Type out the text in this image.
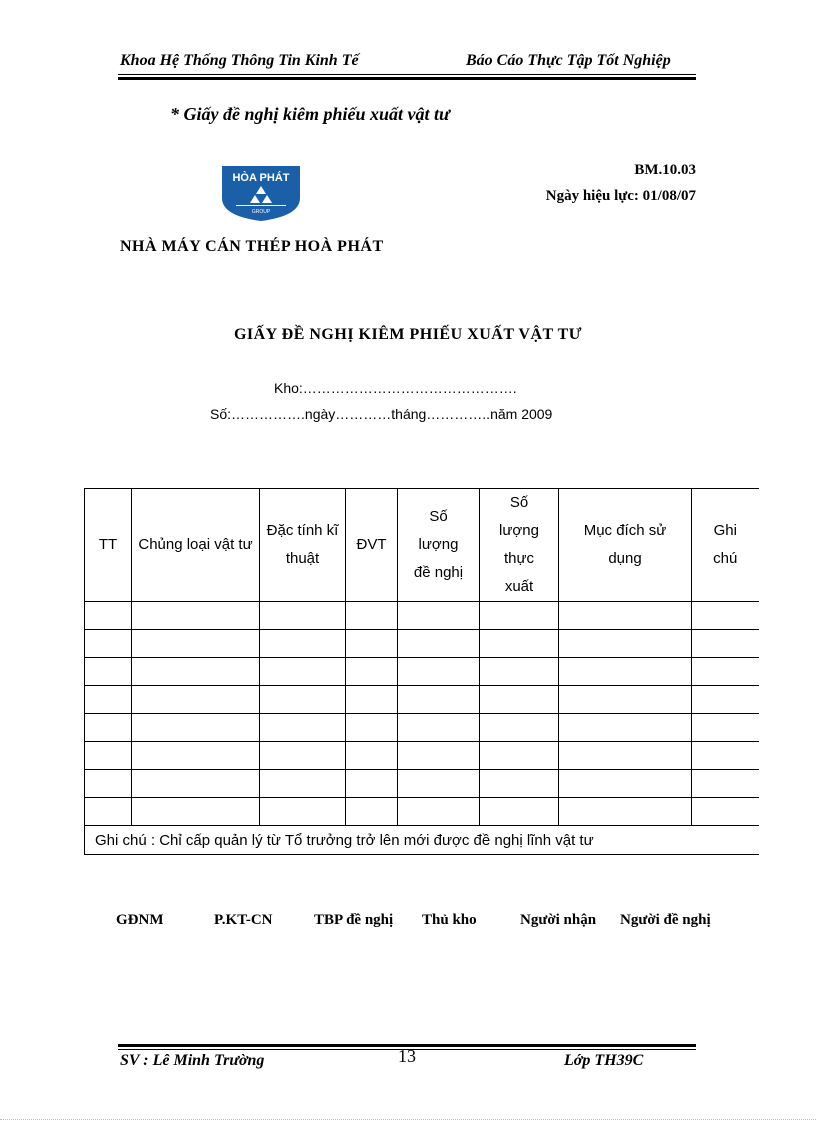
Khoa Hệ Thống Thông Tin Kinh Tế	Báo Cáo Thực Tập Tốt Nghiệp
* Giấy đề nghị kiêm phiếu xuất vật tư
HÒA PHÁT
GROUP
BM.10.03
Ngày hiệu lực: 01/08/07
NHÀ MÁY CÁN THÉP HOÀ PHÁT
GIẤY ĐỀ NGHỊ KIÊM PHIẾU XUẤT VẬT TƯ
Kho:……………………………………….
Số:…………….ngày…………tháng…………..năm 2009
TT	Chủng loại vật tư	Đặc tính kĩ thuật	ĐVT	Số lượng đề nghị	Số lượng thực xuất	Mục đích sử dụng	Ghi chú

Ghi chú : Chỉ cấp quản lý từ Tổ trưởng trở lên mới được đề nghị lĩnh vật tư							
GĐNM	P.KT-CN	TBP đề nghị Thủ kho	Người nhận Người đề nghị
SV : Lê Minh Trường	13	Lớp TH39C
